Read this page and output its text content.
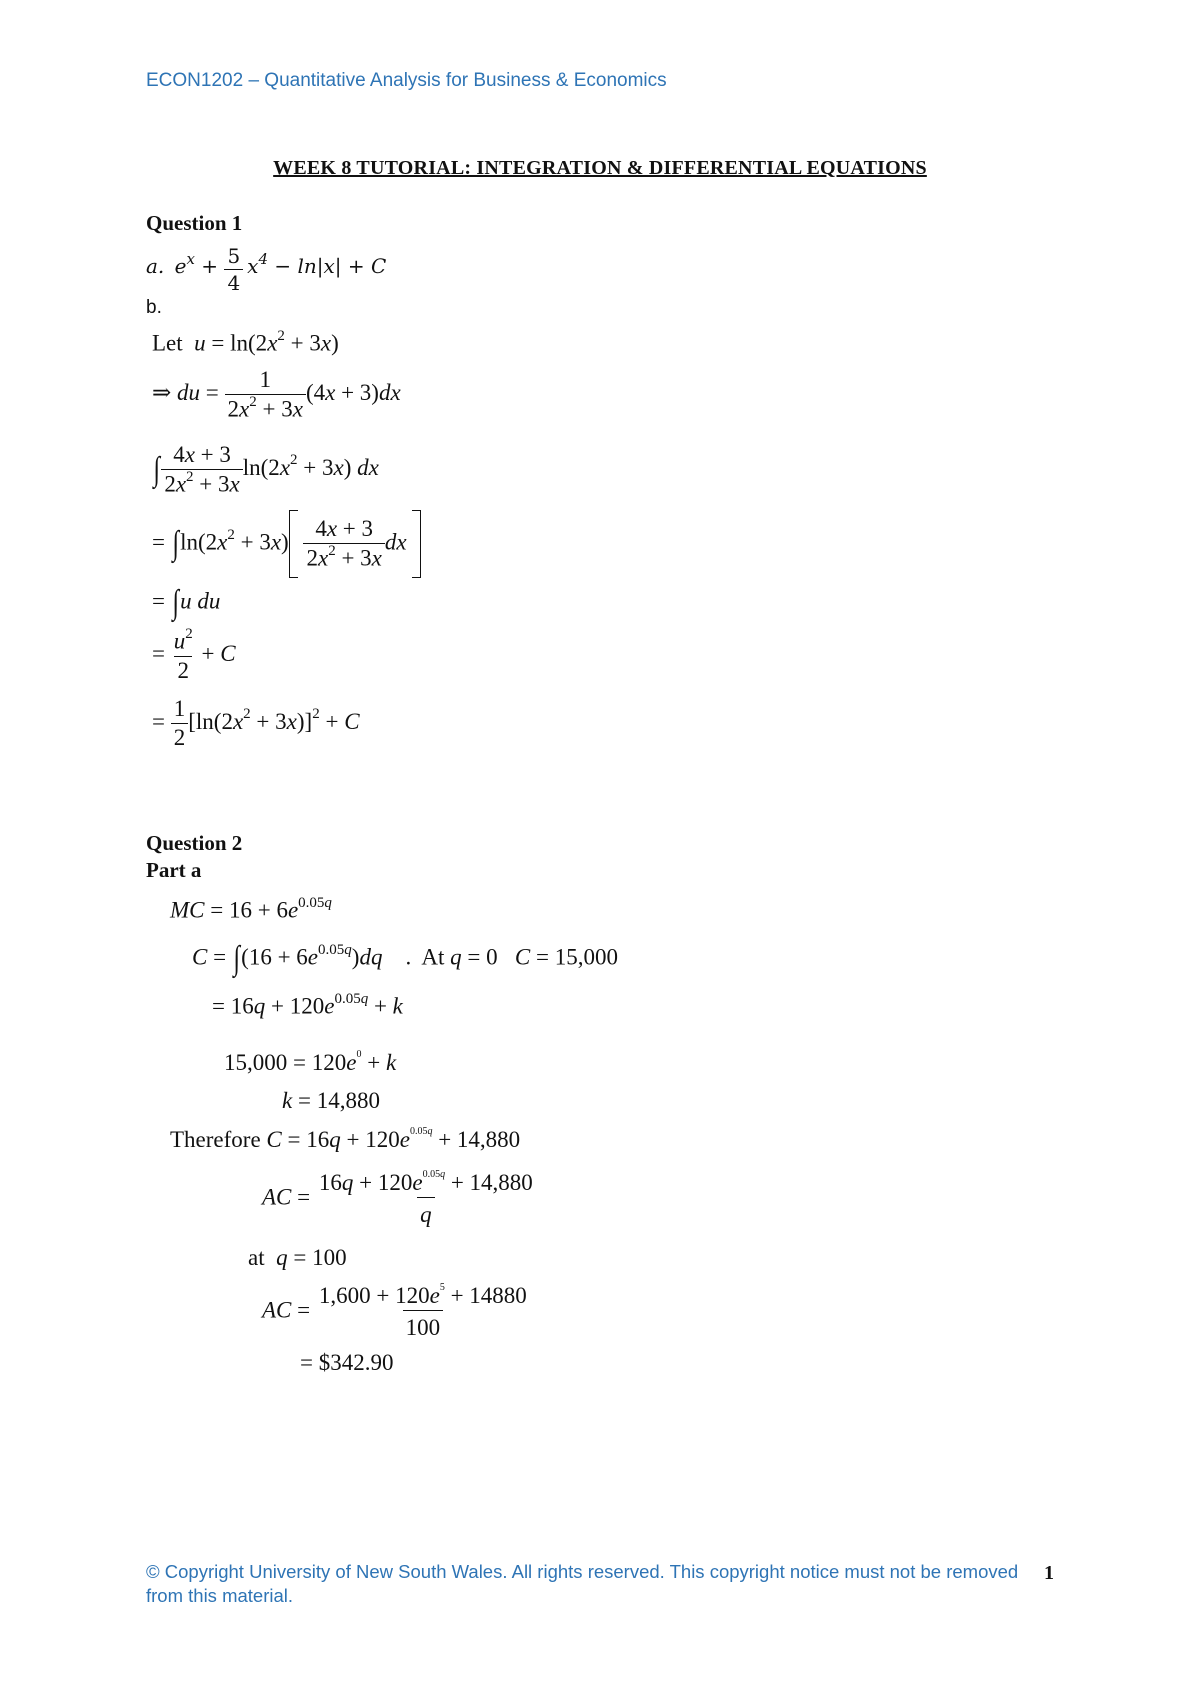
ECON1202 – Quantitative Analysis for Business & Economics
WEEK 8 TUTORIAL: INTEGRATION & DIFFERENTIAL EQUATIONS
Question 1
a.  $e^x + \frac{5}{4} x^4 - \ln|x| + C$
b.
Let  $u = \ln(2x^2 + 3x)$
⇒ du = $\frac{1}{2x^2 + 3x} (4x + 3)dx$
∫ $\frac{4x + 3}{2x^2 + 3x} \ln(2x^2 + 3x)$ dx
= $\int\ln(2x^2 + 3x) \frac{4x + 3}{2x^2 + 3x}$ dx
= ∫u du
= $\frac{u^2}{2} + C$
= $\frac{1}{2} [\ln(2x^2 + 3x)]^2 + C$
Question 2
Part a
MC = $16 + 6e^{0.05q}$
$C = \int(16 + 6e^{0.05q})dq$    .  At q = 0   C = 15,000
= $16q + 120e^{0.05q} + k$
$15,000 = 120e^0 + k$
k = 14,880
Therefore $C = 16q + 120e^{0.05q} + 14,880$
AC = $\frac{16q + 120e^{0.05q} + 14,880}{q}$
at  q = 100
AC = $\frac{1,600 + 120e^5 + 14880}{100}$
= $342.90
© Copyright University of New South Wales. All rights reserved. This copyright notice must not be removed from this material.
1
